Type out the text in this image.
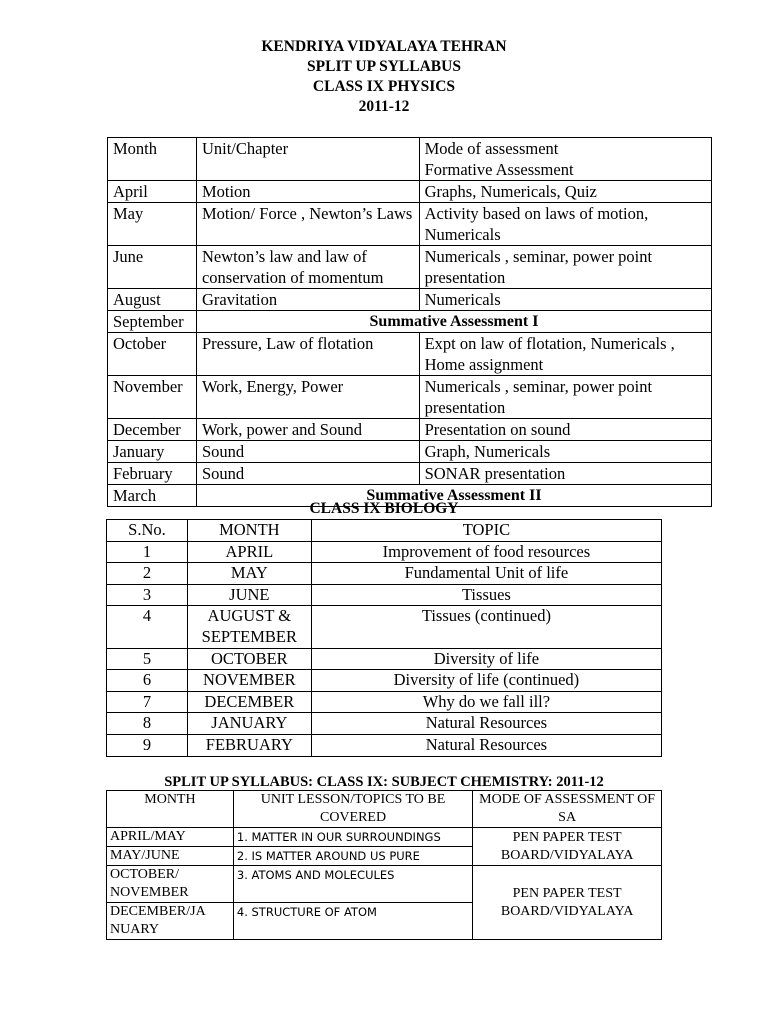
KENDRIYA VIDYALAYA TEHRAN
SPLIT UP SYLLABUS
CLASS IX PHYSICS
2011-12
Month	Unit/Chapter	Mode of assessment
Formative Assessment

April	Motion	Graphs, Numericals, Quiz
May	Motion/ Force , Newton’s Laws	Activity based on laws of motion, Numericals
June	Newton’s law and law of conservation of momentum	Numericals , seminar, power point presentation
August	Gravitation	Numericals
September	Summative Assessment I	
October	Pressure, Law of flotation	Expt on law of flotation, Numericals , Home assignment
November	Work, Energy, Power	Numericals , seminar, power point presentation
December	Work, power and Sound	Presentation on sound
January	Sound	Graph, Numericals
February	Sound	SONAR presentation
March	Summative Assessment II	
CLASS IX BIOLOGY
S.No.	MONTH	TOPIC
1	APRIL	Improvement of food resources
2	MAY	Fundamental Unit of life
3	JUNE	Tissues
4	AUGUST & SEPTEMBER	Tissues (continued)
5	OCTOBER	Diversity of life
6	NOVEMBER	Diversity of life (continued)
7	DECEMBER	Why do we fall ill?
8	JANUARY	Natural Resources
9	FEBRUARY	Natural Resources
SPLIT UP SYLLABUS: CLASS IX: SUBJECT CHEMISTRY: 2011-12
MONTH	UNIT LESSON/TOPICS TO BE COVERED	MODE OF ASSESSMENT OF SA
APRIL/MAY	1. MATTER IN OUR SURROUNDINGS	PEN PAPER TEST BOARD/VIDYALAYA
MAY/JUNE	2. IS MATTER AROUND US PURE	
OCTOBER/ NOVEMBER	3. ATOMS AND MOLECULES	PEN PAPER TEST BOARD/VIDYALAYA
DECEMBER/JA NUARY	4. STRUCTURE OF ATOM	
